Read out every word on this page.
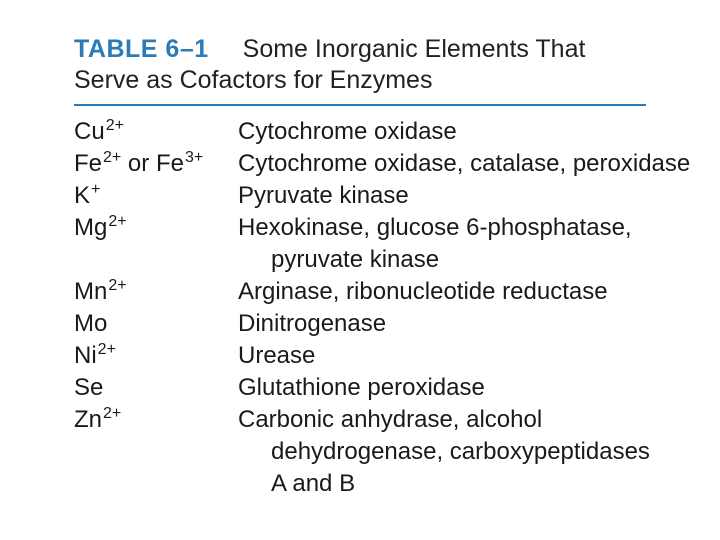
TABLE 6–1 Some Inorganic Elements That
Serve as Cofactors for Enzymes
$Cu^{2+}$	Cytochrome oxidase
$Fe^{2+}$ or $Fe^{3+}$	Cytochrome oxidase, catalase, peroxidase
K+	Pyruvate kinase
$Mg^{2+}$	Hexokinase, glucose 6-phosphatase,
pyruvate kinase
$Mn^{2+}$	Arginase, ribonucleotide reductase
Mo	Dinitrogenase
$Ni^{2+}$	Urease
Se	Glutathione peroxidase
$Zn^{2+}$	Carbonic anhydrase, alcohol
dehydrogenase, carboxypeptidases
A and B
